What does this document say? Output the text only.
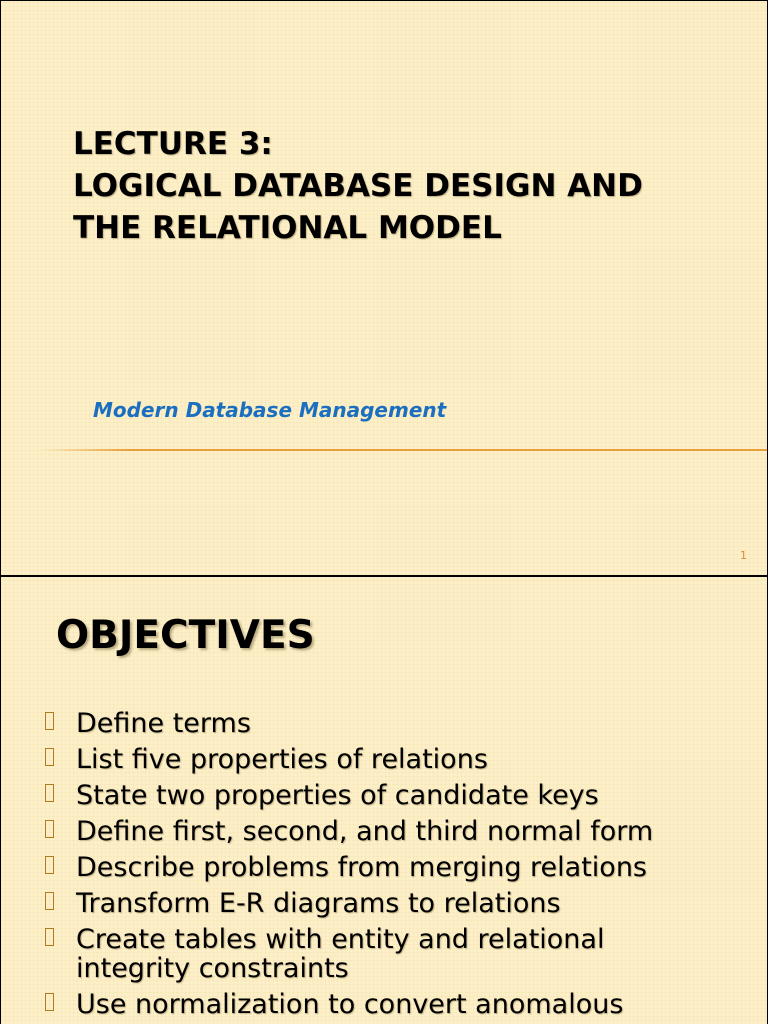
LECTURE 3:
LOGICAL DATABASE DESIGN AND
THE RELATIONAL MODEL

Modern Database Management

1
OBJECTIVES
Define terms
List five properties of relations
State two properties of candidate keys
Define first, second, and third normal form
Describe problems from merging relations
Transform E-R diagrams to relations
Create tables with entity and relational
integrity constraints
Use normalization to convert anomalous
